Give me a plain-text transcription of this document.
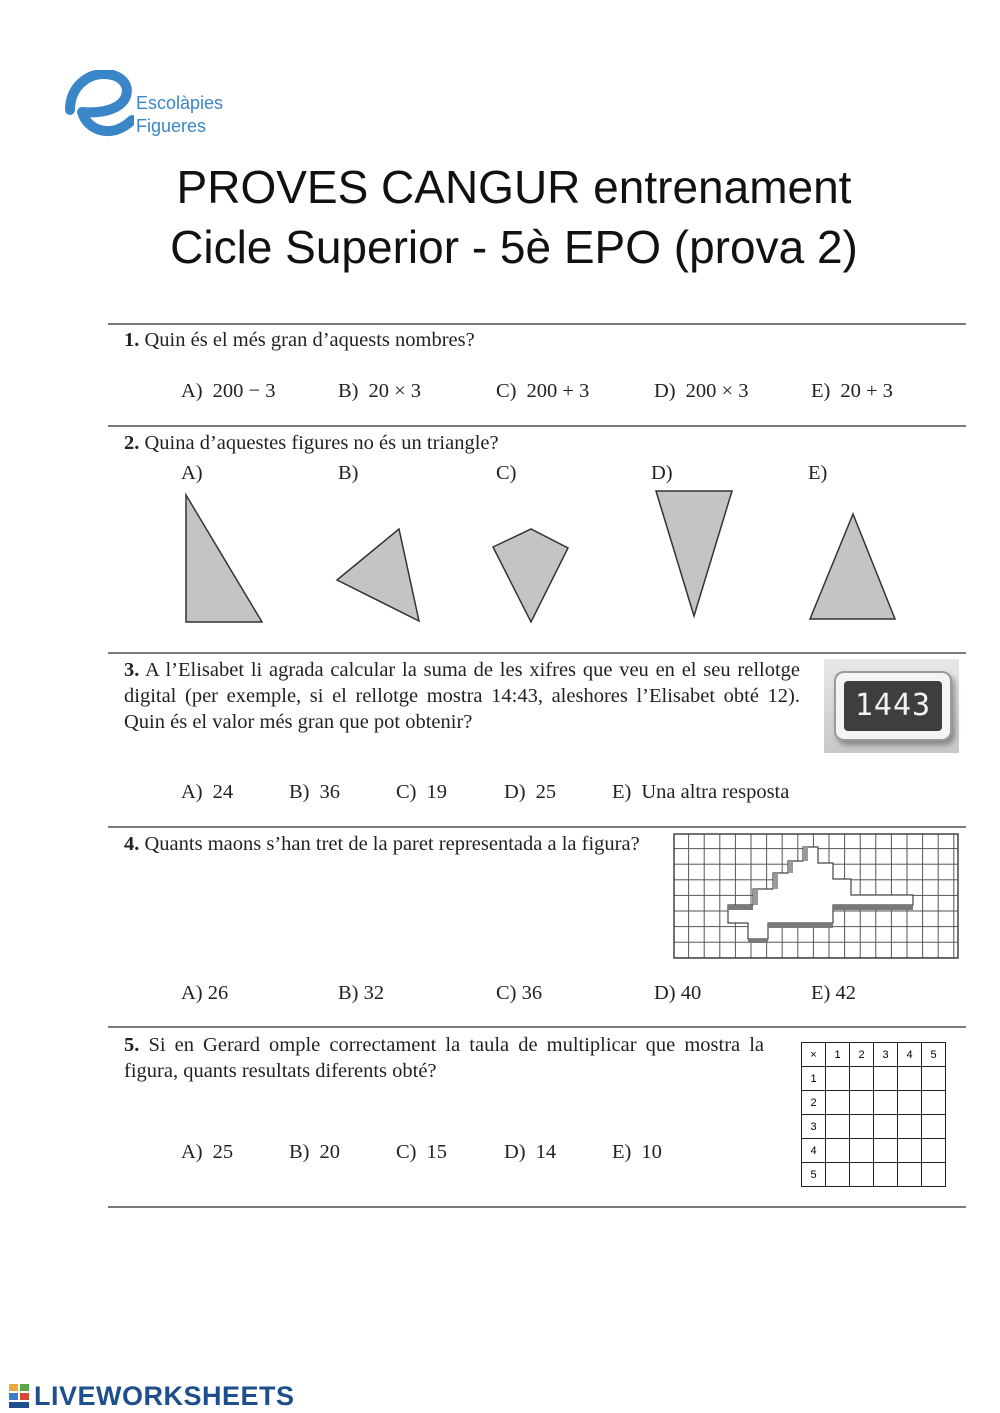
Escolàpies
Figueres
PROVES CANGUR entrenament
Cicle Superior - 5è EPO (prova 2)
1. Quin és el més gran d’aquests nombres?
A) 200 − 3	B) 20 × 3	C) 200 + 3	D) 200 × 3	E) 20 + 3
2. Quina d’aquestes figures no és un triangle?
A)	B)	C)	D)	E)
3. A l’Elisabet li agrada calcular la suma de les xifres que veu en el seu rellotge digital (per exemple, si el rellotge mostra 14:43, aleshores l’Elisabet obté 12). Quin és el valor més gran que pot obtenir?	1443
A) 24	B) 36	C) 19	D) 25	E) Una altra resposta
4. Quants maons s’han tret de la paret representada a la figura?
A) 26	B) 32	C) 36	D) 40	E) 42
5. Si en Gerard omple correctament la taula de multiplicar que mostra la figura, quants resultats diferents obté?
×	1	2	3	4	5
1					
2					
3					
4					
5					
A) 25	B) 20	C) 15	D) 14	E) 10
LIVEWORKSHEETS
